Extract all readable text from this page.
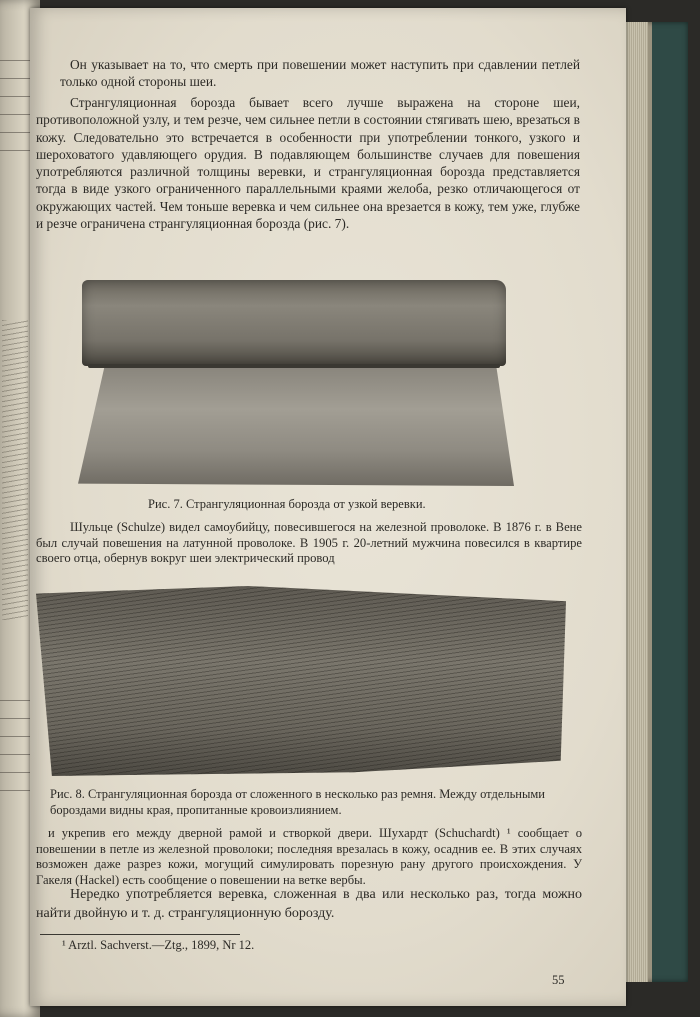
Он указывает на то, что смерть при повешении может наступить при сдавлении петлей только одной стороны шеи.
Странгуляционная борозда бывает всего лучше выражена на стороне шеи, противоположной узлу, и тем резче, чем сильнее петли в состоянии стягивать шею, врезаться в кожу. Следовательно это встречается в особенности при употреблении тонкого, узкого и шероховатого удавляющего орудия. В подавляющем большинстве случаев для повешения употребляются различной толщины веревки, и странгуляционная борозда представляется тогда в виде узкого ограниченного параллельными краями желоба, резко отличающегося от окружающих частей. Чем тоньше веревка и чем сильнее она врезается в кожу, тем уже, глубже и резче ограничена странгуляционная борозда (рис. 7).
Рис. 7. Странгуляционная борозда от узкой веревки.
Шульце (Schulze) видел самоубийцу, повесившегося на железной проволоке. В 1876 г. в Вене был случай повешения на латунной проволоке. В 1905 г. 20-летний мужчина повесился в квартире своего отца, обернув вокруг шеи электрический провод
Рис. 8. Странгуляционная борозда от сложенного в несколько раз ремня. Между отдельными бороздами видны края, пропитанные кровоизлиянием.
и укрепив его между дверной рамой и створкой двери. Шухардт (Schuchardt) ¹ сообщает о повешении в петле из железной проволоки; последняя врезалась в кожу, осаднив ее. В этих случаях возможен даже разрез кожи, могущий симулировать порезную рану другого происхождения. У Гакеля (Hackel) есть сообщение о повешении на ветке вербы.
Нередко употребляется веревка, сложенная в два или несколько раз, тогда можно найти двойную и т. д. странгуляционную борозду.
¹ Arztl. Sachverst.—Ztg., 1899, Nr 12.
55
